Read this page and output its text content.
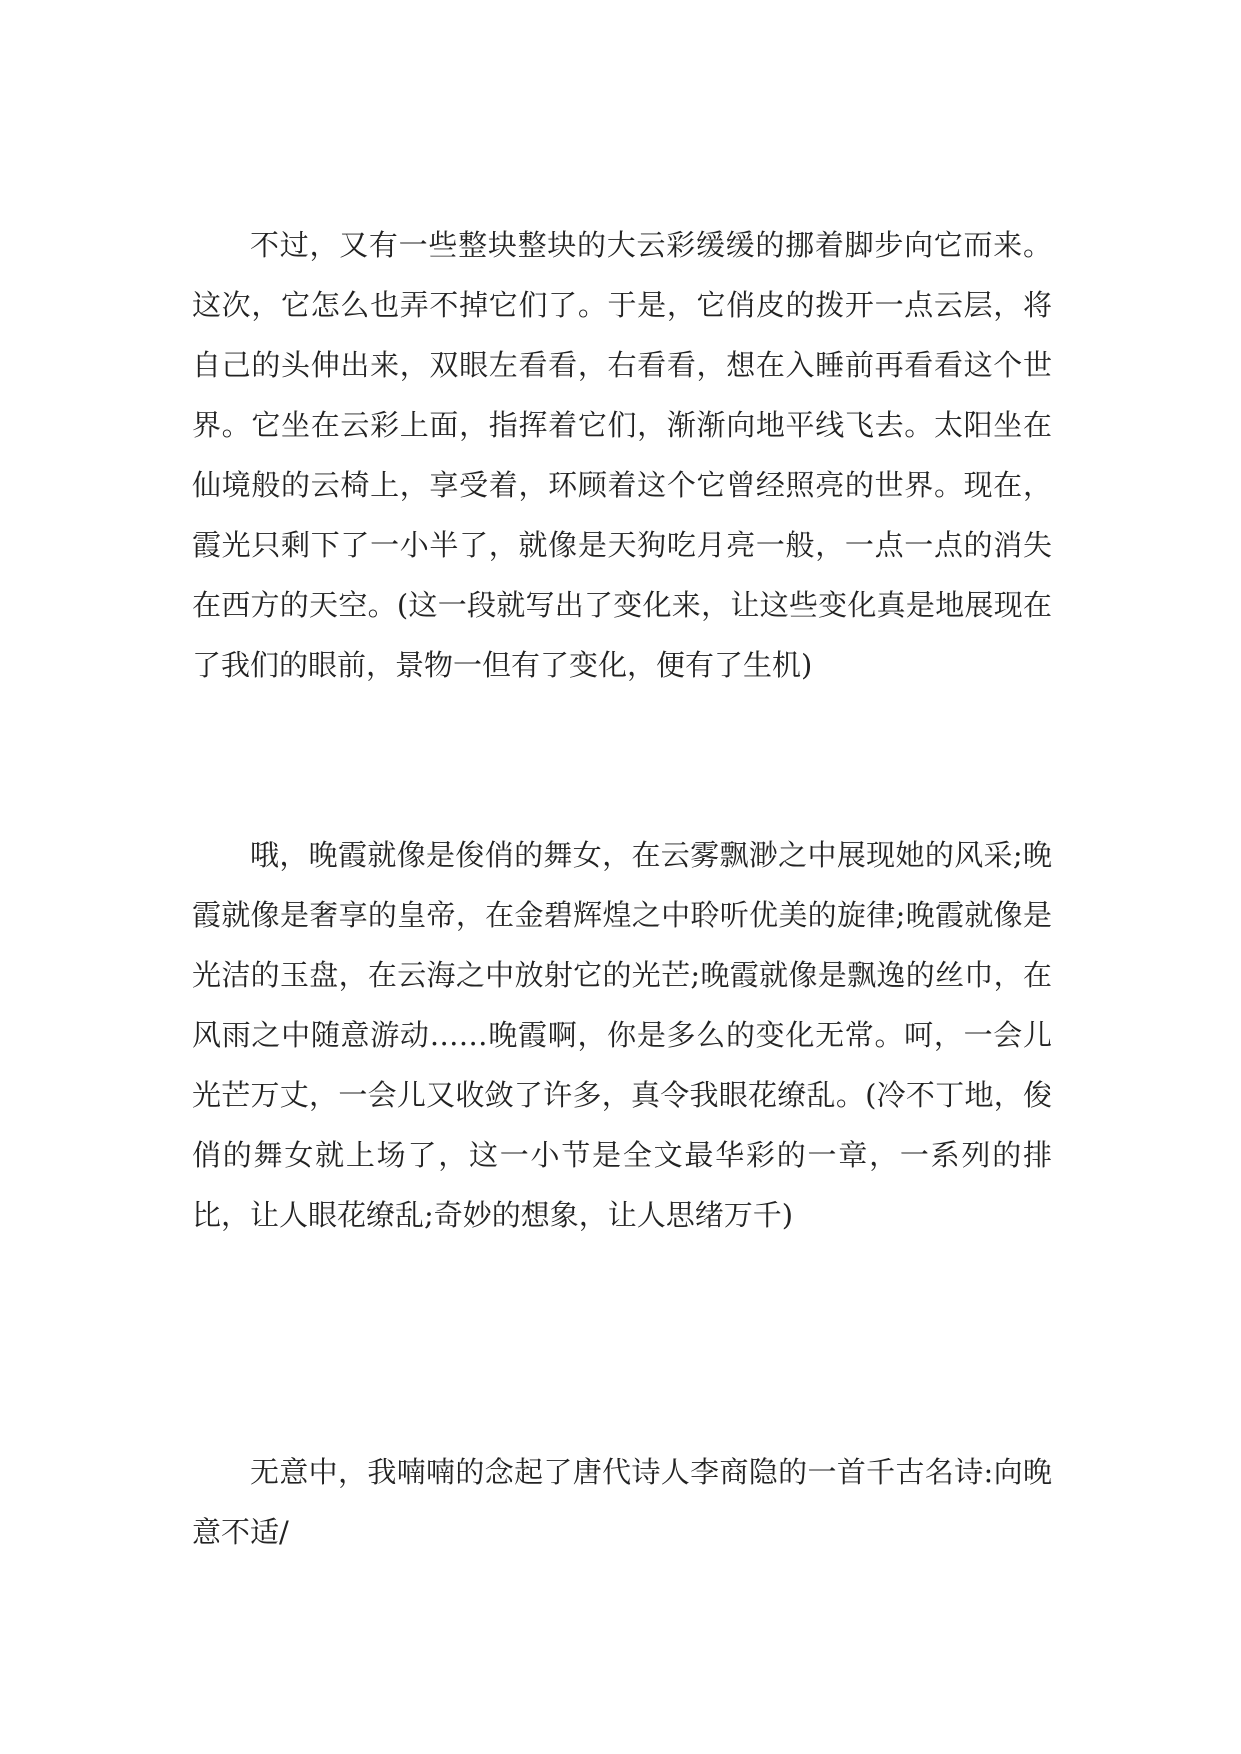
不过，又有一些整块整块的大云彩缓缓的挪着脚步向它而来。这次，它怎么也弄不掉它们了。于是，它俏皮的拨开一点云层，将自己的头伸出来，双眼左看看，右看看，想在入睡前再看看这个世界。它坐在云彩上面，指挥着它们，渐渐向地平线飞去。太阳坐在仙境般的云椅上，享受着，环顾着这个它曾经照亮的世界。现在，霞光只剩下了一小半了，就像是天狗吃月亮一般，一点一点的消失在西方的天空。(这一段就写出了变化来，让这些变化真是地展现在了我们的眼前，景物一但有了变化，便有了生机)

哦，晚霞就像是俊俏的舞女，在云雾飘渺之中展现她的风采;晚霞就像是奢享的皇帝，在金碧辉煌之中聆听优美的旋律;晚霞就像是光洁的玉盘，在云海之中放射它的光芒;晚霞就像是飘逸的丝巾，在风雨之中随意游动……晚霞啊，你是多么的变化无常。呵，一会儿光芒万丈，一会儿又收敛了许多，真令我眼花缭乱。(冷不丁地，俊俏的舞女就上场了，这一小节是全文最华彩的一章，一系列的排比，让人眼花缭乱;奇妙的想象，让人思绪万千)

无意中，我喃喃的念起了唐代诗人李商隐的一首千古名诗:向晚意不适/
